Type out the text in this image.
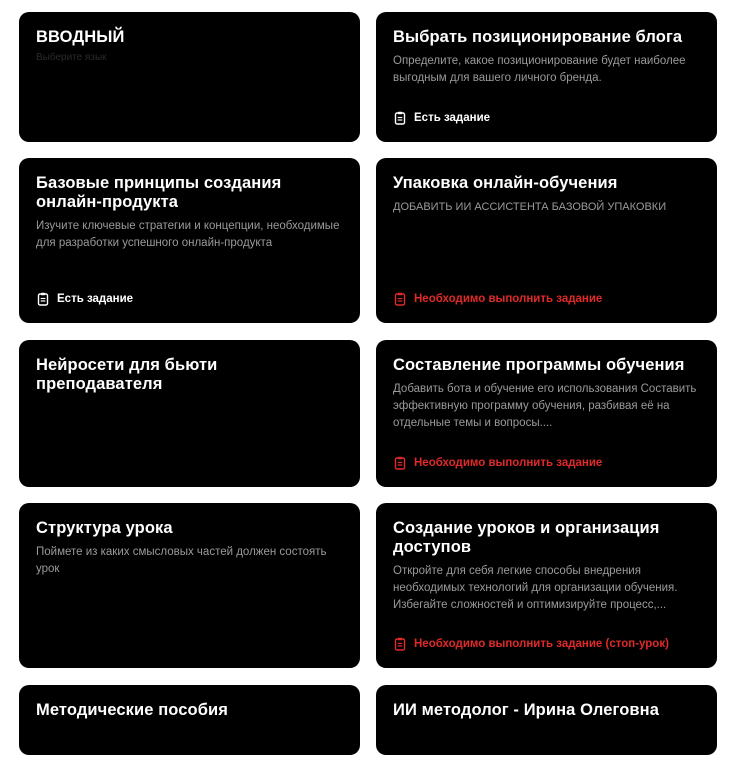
ВВОДНЫЙ
Выберите язык
Выбрать позиционирование блога
Определите, какое позиционирование будет наиболее выгодным для вашего личного бренда.
Есть задание
Базовые принципы создания онлайн-продукта
Изучите ключевые стратегии и концепции, необходимые для разработки успешного онлайн-продукта
Есть задание
Упаковка онлайн-обучения
ДОБАВИТЬ ИИ АССИСТЕНТА БАЗОВОЙ УПАКОВКИ
Необходимо выполнить задание
Нейросети для бьюти преподавателя
Составление программы обучения
Добавить бота и обучение его использования Составить эффективную программу обучения, разбивая её на отдельные темы и вопросы....
Необходимо выполнить задание
Структура урока
Поймете из каких смысловых частей должен состоять урок
Создание уроков и организация доступов
Откройте для себя легкие способы внедрения необходимых технологий для организации обучения. Избегайте сложностей и оптимизируйте процесс,...
Необходимо выполнить задание (стоп-урок)
Методические пособия	ИИ методолог - Ирина Олеговна
